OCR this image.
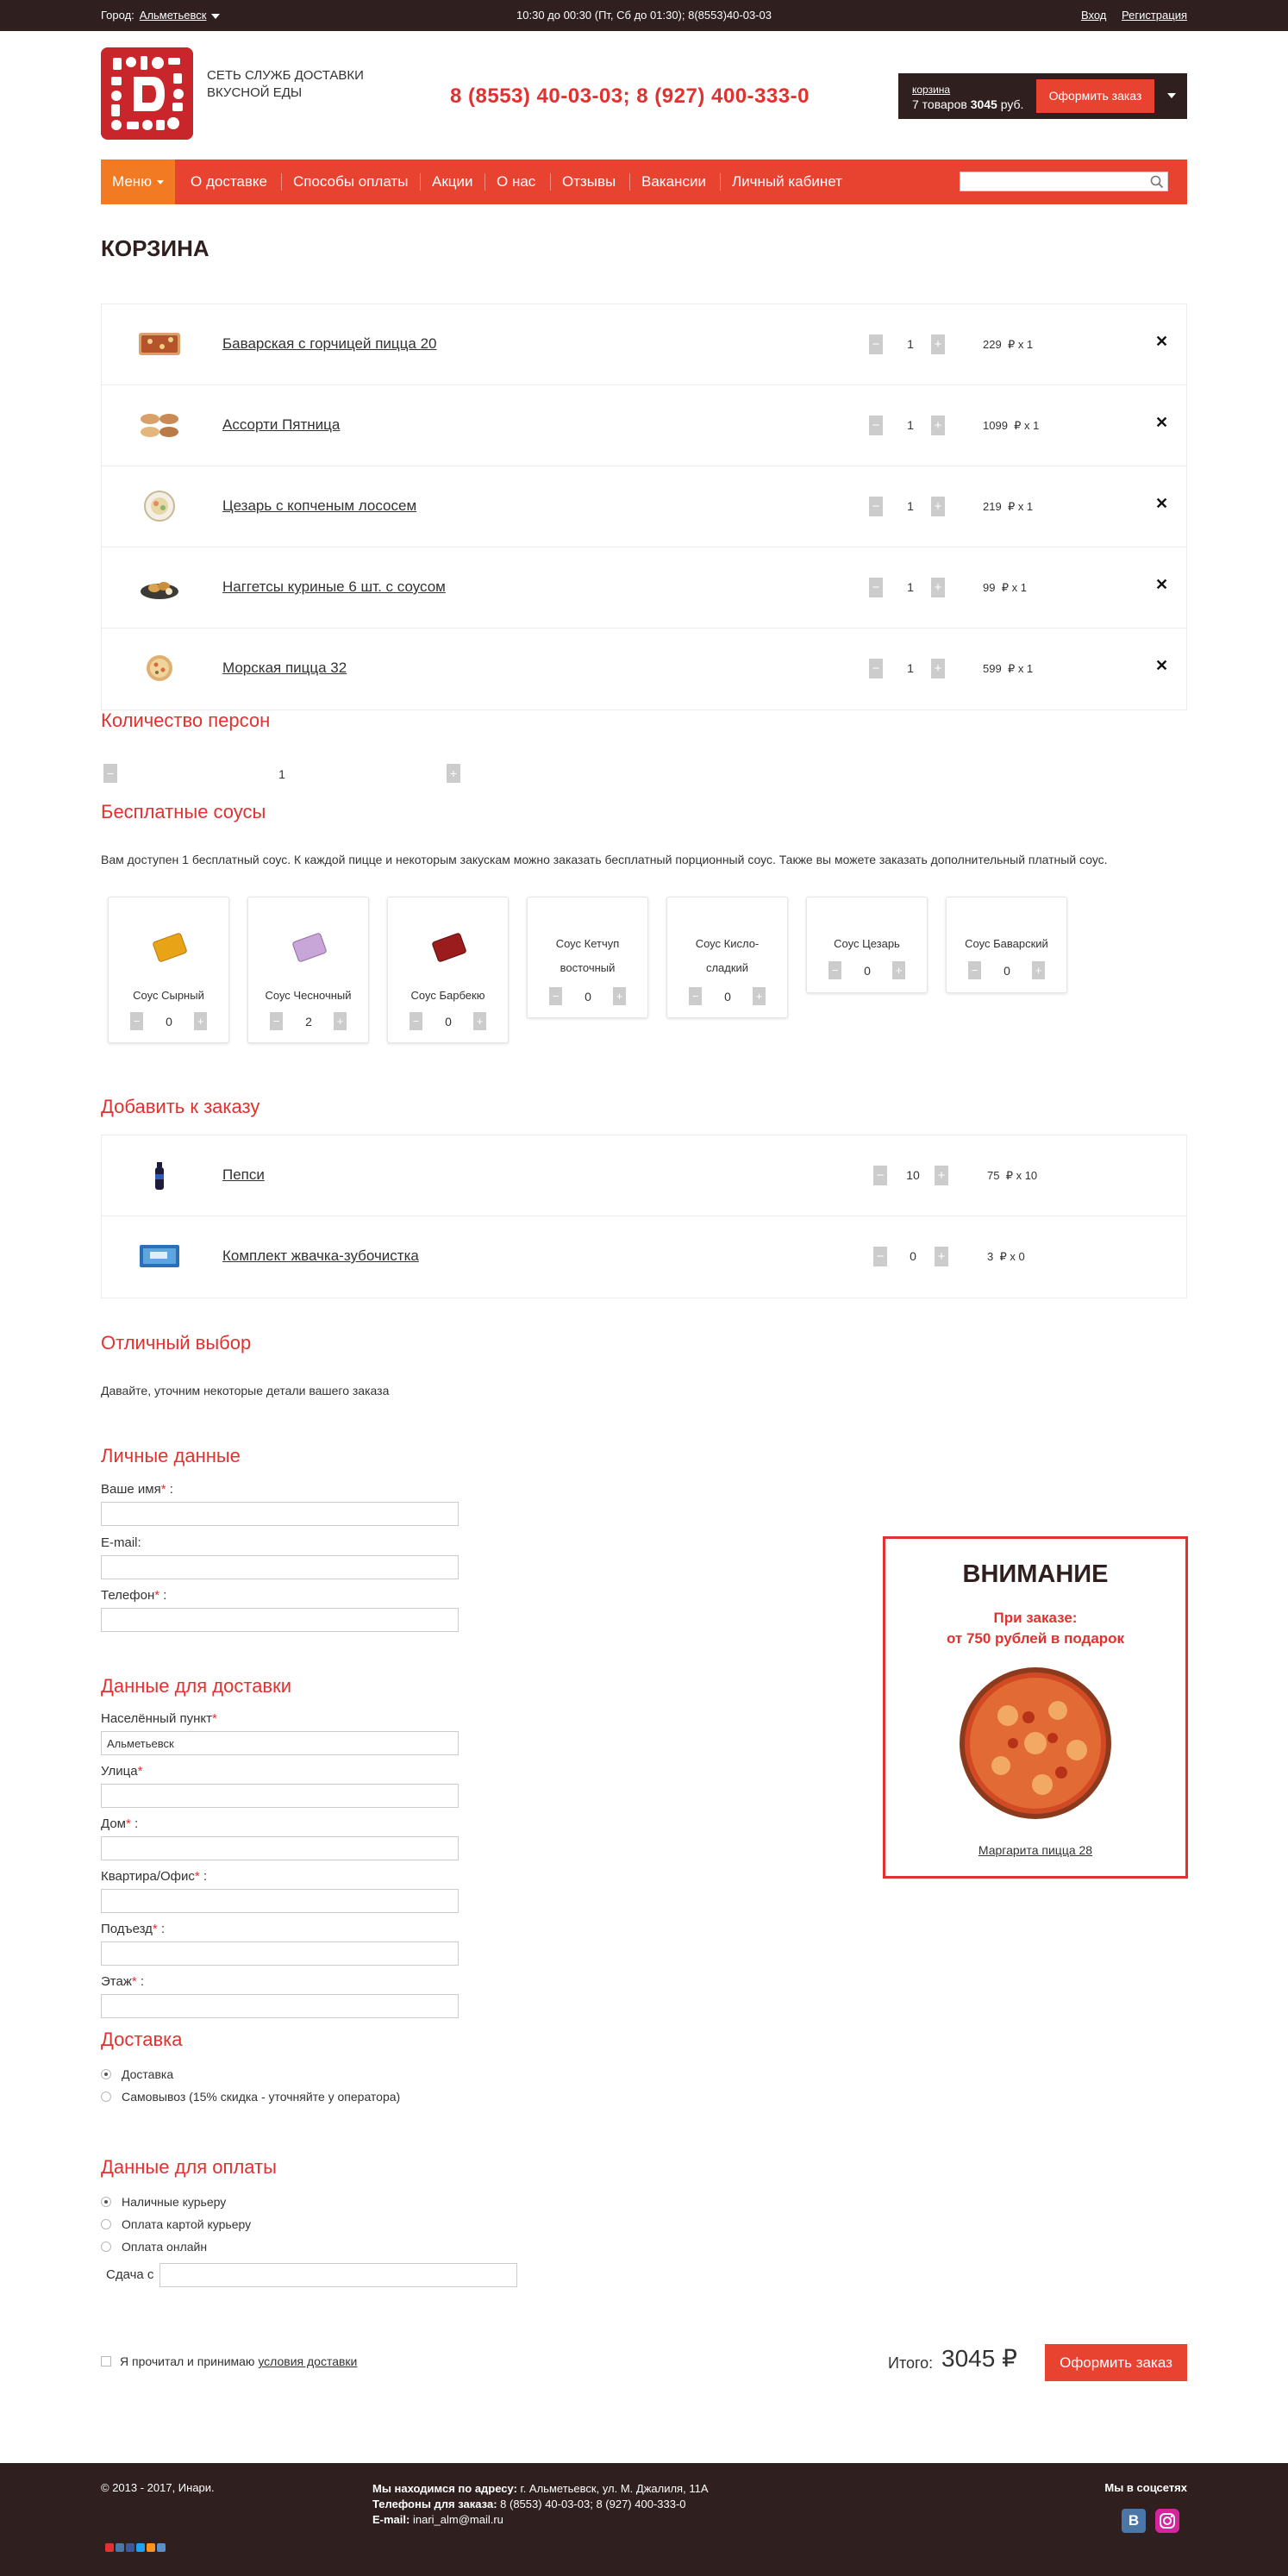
Город: Альметьевск	10:30 до 00:30 (Пт, Сб до 01:30); 8(8553)40-03-03	Вход Регистрация
СЕТЬ СЛУЖБ ДОСТАВКИ ВКУСНОЙ ЕДЫ	8 (8553) 40-03-03; 8 (927) 400-333-0	корзина
7 товаров 3045 руб.
Оформить заказ
Меню	О доставке Способы оплаты Акции О нас Отзывы Вакансии Личный кабинет
КОРЗИНА
Баварская с горчицей пицца 20	−	1	+	229 ₽ x 1	✕
Ассорти Пятница	−	1	+	1099 ₽ x 1	✕
Цезарь с копченым лососем	−	1	+	219 ₽ x 1	✕
Наггетсы куриные 6 шт. с соусом	−	1	+	99 ₽ x 1	✕
Морская пицца 32	−	1	+	599 ₽ x 1	✕
Количество персон
−	1	+
Бесплатные соусы
Вам доступен 1 бесплатный соус. К каждой пицце и некоторым закускам можно заказать бесплатный порционный соус. Также вы можете заказать дополнительный платный соус.
Соус Сырный
−	0	+
Соус Чесночный
−	2	+
Соус Барбекю
−	0	+
Соус Кетчуп восточный
−	0	+
Соус Кисло-сладкий
−	0	+
Соус Цезарь
−	0	+
Соус Баварский
−	0	+
Добавить к заказу
Пепси	−	10	+	75 ₽ x 10
Комплект жвачка-зубочистка	−	0	+	3 ₽ x 0
Отличный выбор
Давайте, уточним некоторые детали вашего заказа
Личные данные
Ваше имя* :
E-mail:
Телефон* :
ВНИМАНИЕ
При заказе:
от 750 рублей в подарок
Маргарита пицца 28
Данные для доставки
Населённый пункт*
Альметьевск
Улица*
Дом* :
Квартира/Офис* :
Подъезд* :
Этаж* :
Доставка
Доставка
Самовывоз (15% скидка - уточняйте у оператора)
Данные для оплаты
Наличные курьеру
Оплата картой курьеру
Оплата онлайн
Сдача с
Я прочитал и принимаю условия доставки	Итого: 3045 ₽	Оформить заказ
© 2013 - 2017, Инари.	Мы находимся по адресу: г. Альметьевск, ул. М. Джалиля, 11А
Телефоны для заказа: 8 (8553) 40-03-03; 8 (927) 400-333-0
E-mail: inari_alm@mail.ru
Мы в соцсетях
В
